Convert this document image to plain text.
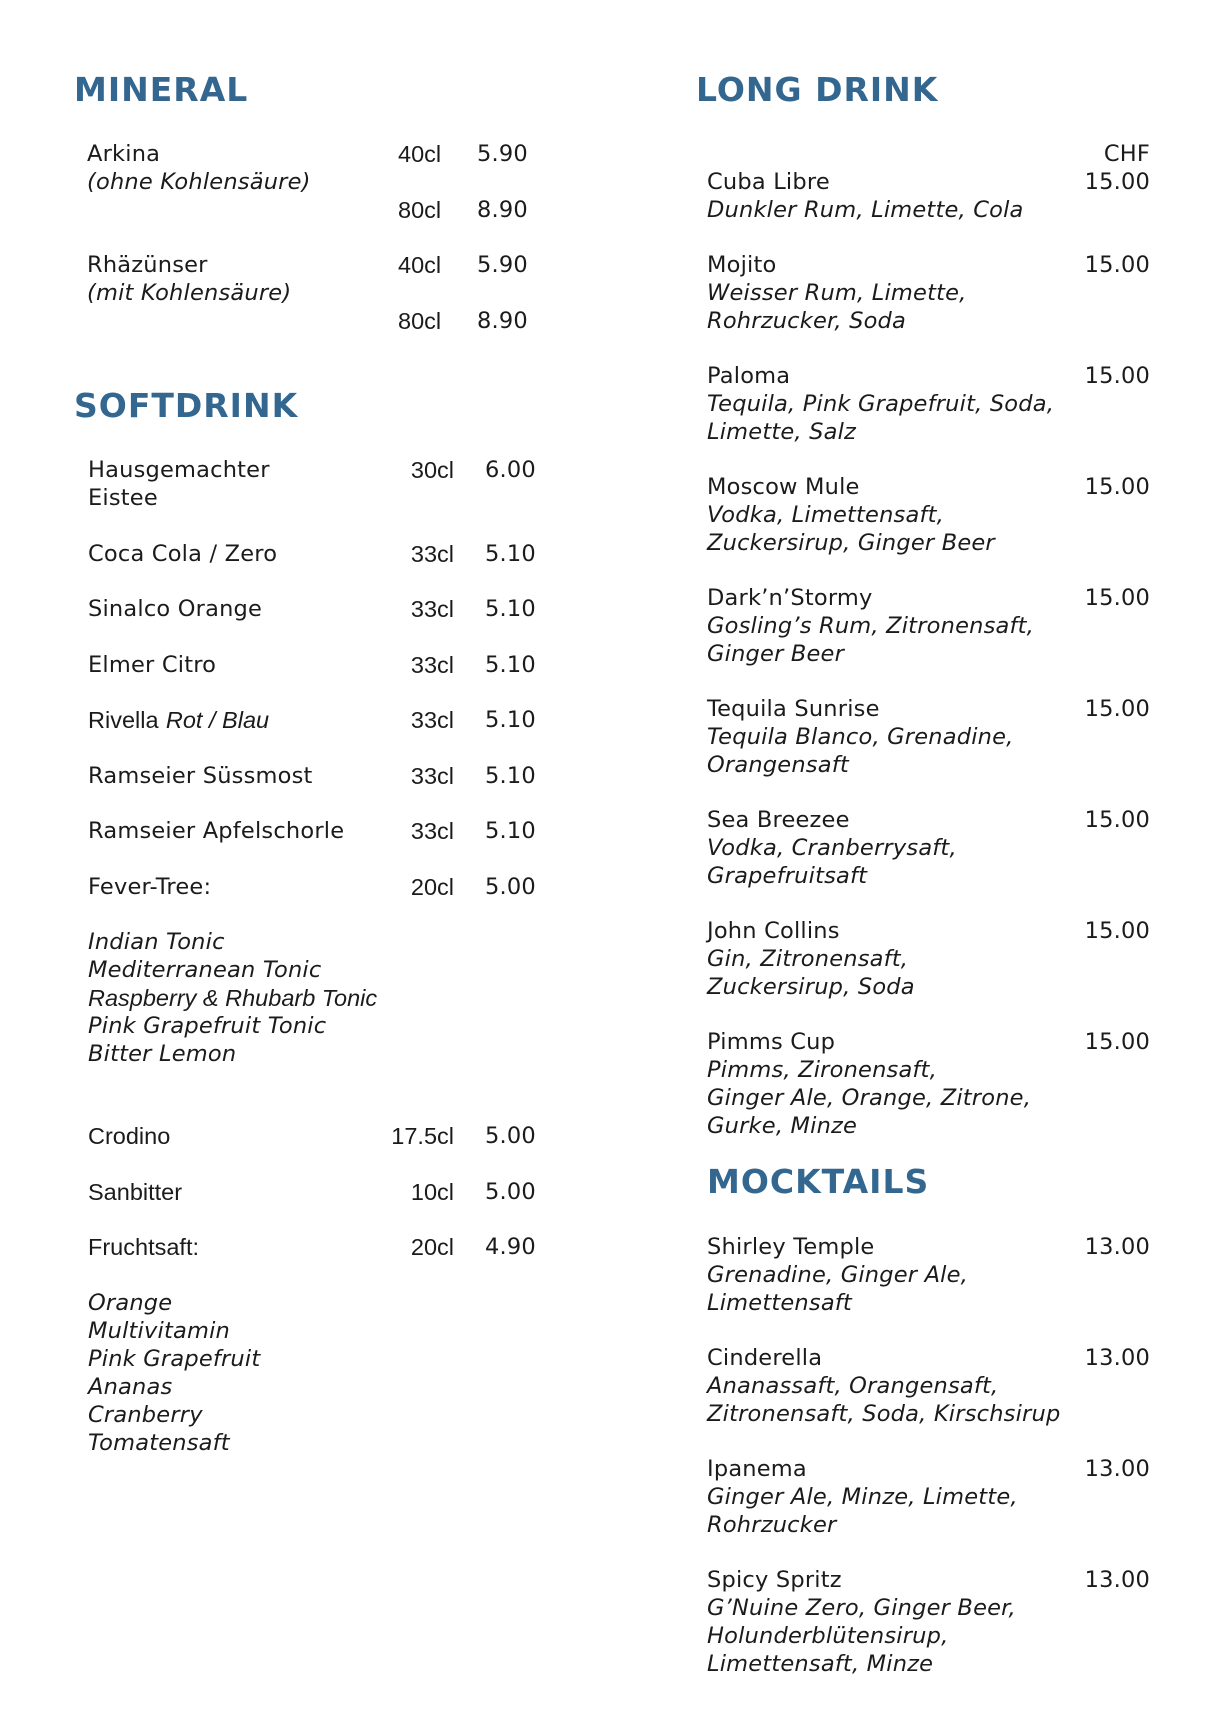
MINERAL
Arkina
(ohne Kohlensäure)
40cl 5.90
80cl 8.90
Rhäzünser
(mit Kohlensäure)
40cl 5.90
80cl 8.90
SOFTDRINK
Hausgemachter
Eistee
30cl 6.00
Coca Cola / Zero	33cl 5.10
Sinalco Orange	33cl 5.10
Elmer Citro	33cl 5.10
Rivella Rot / Blau	33cl 5.10
Ramseier Süssmost	33cl 5.10
Ramseier Apfelschorle	33cl 5.10
Fever-Tree:	20cl 5.00
Indian Tonic
Mediterranean Tonic
Raspberry & Rhubarb Tonic
Pink Grapefruit Tonic
Bitter Lemon
Crodino	17.5cl 5.00
Sanbitter	10cl 5.00
Fruchtsaft:	20cl 4.90
Orange
Multivitamin
Pink Grapefruit
Ananas
Cranberry
Tomatensaft
LONG DRINK
CHF
Cuba Libre	15.00
Dunkler Rum, Limette, Cola
Mojito	15.00
Weisser Rum, Limette,
Rohrzucker, Soda
Paloma	15.00
Tequila, Pink Grapefruit, Soda,
Limette, Salz
Moscow Mule	15.00
Vodka, Limettensaft,
Zuckersirup, Ginger Beer
Dark’n’Stormy	15.00
Gosling’s Rum, Zitronensaft,
Ginger Beer
Tequila Sunrise	15.00
Tequila Blanco, Grenadine,
Orangensaft
Sea Breezee	15.00
Vodka, Cranberrysaft,
Grapefruitsaft
John Collins	15.00
Gin, Zitronensaft,
Zuckersirup, Soda
Pimms Cup	15.00
Pimms, Zironensaft,
Ginger Ale, Orange, Zitrone,
Gurke, Minze
MOCKTAILS
Shirley Temple	13.00
Grenadine, Ginger Ale,
Limettensaft
Cinderella	13.00
Ananassaft, Orangensaft,
Zitronensaft, Soda, Kirschsirup
Ipanema	13.00
Ginger Ale, Minze, Limette,
Rohrzucker
Spicy Spritz	13.00
G’Nuine Zero, Ginger Beer,
Holunderblütensirup,
Limettensaft, Minze
